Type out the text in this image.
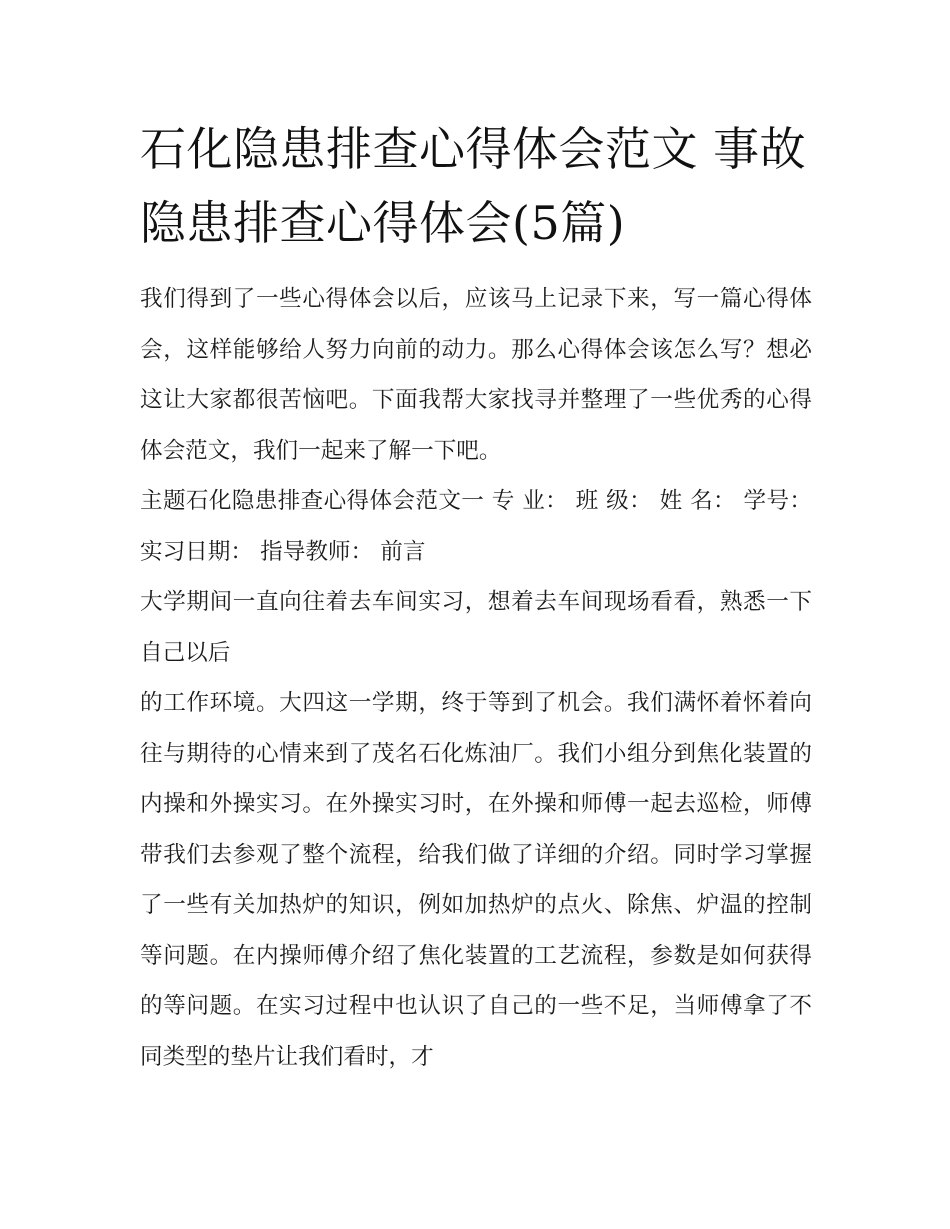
石化隐患排查心得体会范文 事故隐患排查心得体会(5篇)

我们得到了一些心得体会以后，应该马上记录下来，写一篇心得体会，这样能够给人努力向前的动力。那么心得体会该怎么写？想必这让大家都很苦恼吧。下面我帮大家找寻并整理了一些优秀的心得体会范文，我们一起来了解一下吧。

主题石化隐患排查心得体会范文一 专 业： 班 级： 姓 名： 学号： 实习日期： 指导教师： 前言

大学期间一直向往着去车间实习，想着去车间现场看看，熟悉一下自己以后

的工作环境。大四这一学期，终于等到了机会。我们满怀着怀着向往与期待的心情来到了茂名石化炼油厂。我们小组分到焦化装置的内操和外操实习。在外操实习时，在外操和师傅一起去巡检，师傅带我们去参观了整个流程，给我们做了详细的介绍。同时学习掌握了一些有关加热炉的知识，例如加热炉的点火、除焦、炉温的控制等问题。在内操师傅介绍了焦化装置的工艺流程，参数是如何获得的等问题。在实习过程中也认识了自己的一些不足，当师傅拿了不同类型的垫片让我们看时，才
